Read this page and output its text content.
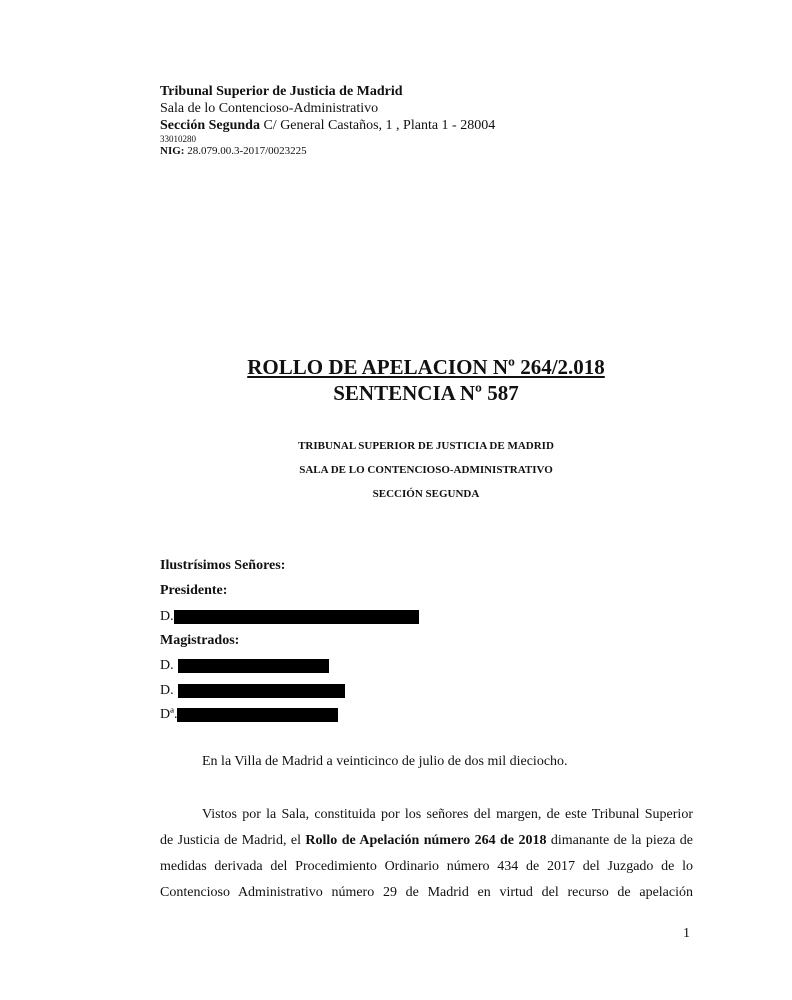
Tribunal Superior de Justicia de Madrid
Sala de lo Contencioso-Administrativo
Sección Segunda C/ General Castaños, 1 , Planta 1 - 28004
33010280
NIG: 28.079.00.3-2017/0023225
ROLLO DE APELACION Nº 264/2.018
SENTENCIA Nº 587
TRIBUNAL SUPERIOR DE JUSTICIA DE MADRID
SALA DE LO CONTENCIOSO-ADMINISTRATIVO
SECCIÓN SEGUNDA
Ilustrísimos Señores:
Presidente:
D.
Magistrados:
D.
D.
Dª.
En la Villa de Madrid a veinticinco de julio de dos mil dieciocho.
Vistos por la Sala, constituida por los señores del margen, de este Tribunal Superior
de Justicia de Madrid, el Rollo de Apelación número 264 de 2018 dimanante de la pieza de
medidas derivada del Procedimiento Ordinario número 434 de 2017 del Juzgado de lo
Contencioso Administrativo número 29 de Madrid en virtud del recurso de apelación
1
